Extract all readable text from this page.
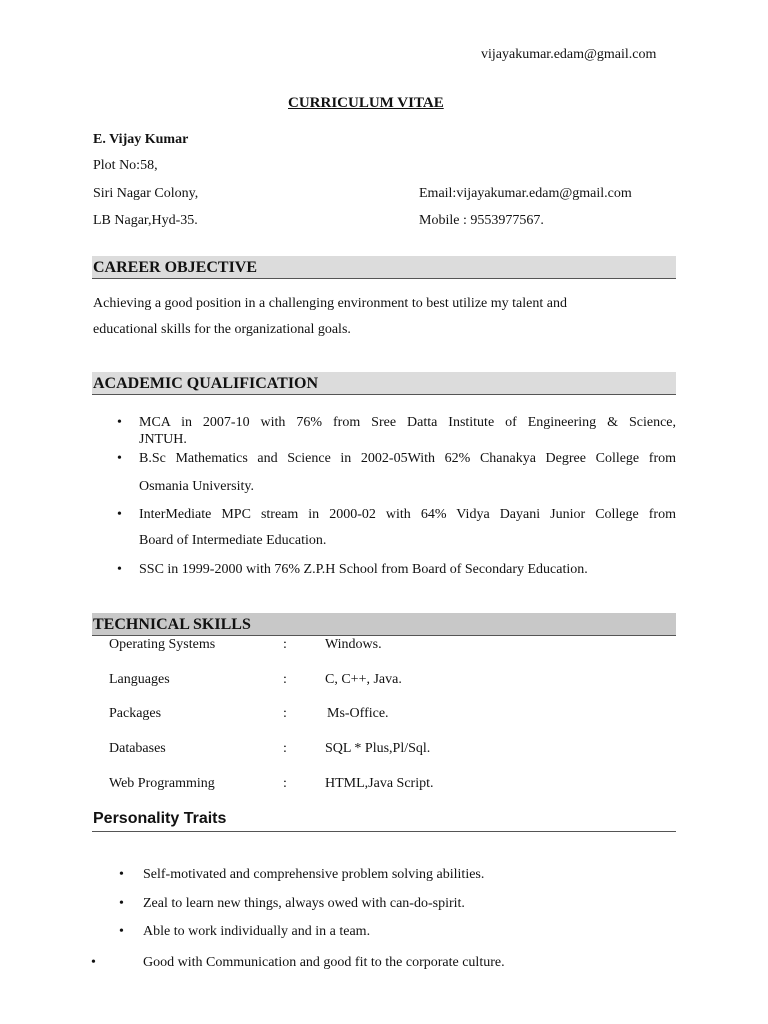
vijayakumar.edam@gmail.com
CURRICULUM VITAE
E. Vijay Kumar
Plot No:58,
Siri Nagar Colony,
LB Nagar,Hyd-35.
Email:vijayakumar.edam@gmail.com
Mobile : 9553977567.
CAREER OBJECTIVE
Achieving a good position in a challenging environment to best utilize my talent and
educational skills for the organizational goals.
ACADEMIC QUALIFICATION
• MCA in 2007-10 with 76% from Sree Datta Institute of Engineering & Science,
JNTUH.
• B.Sc Mathematics and Science in 2002-05With 62% Chanakya Degree College from
Osmania University.
• InterMediate MPC stream in 2000-02 with 64% Vidya Dayani Junior College from
Board of Intermediate Education.
• SSC in 1999-2000 with 76% Z.P.H School from Board of Secondary Education.
TECHNICAL SKILLS
Operating Systems	:	Windows.
Languages	:	C, C++, Java.
Packages	:	Ms-Office.
Databases	:	SQL * Plus,Pl/Sql.
Web Programming	:	HTML,Java Script.
Personality Traits
• Self-motivated and comprehensive problem solving abilities.
• Zeal to learn new things, always owed with can-do-spirit.
• Able to work individually and in a team.
•	Good with Communication and good fit to the corporate culture.
